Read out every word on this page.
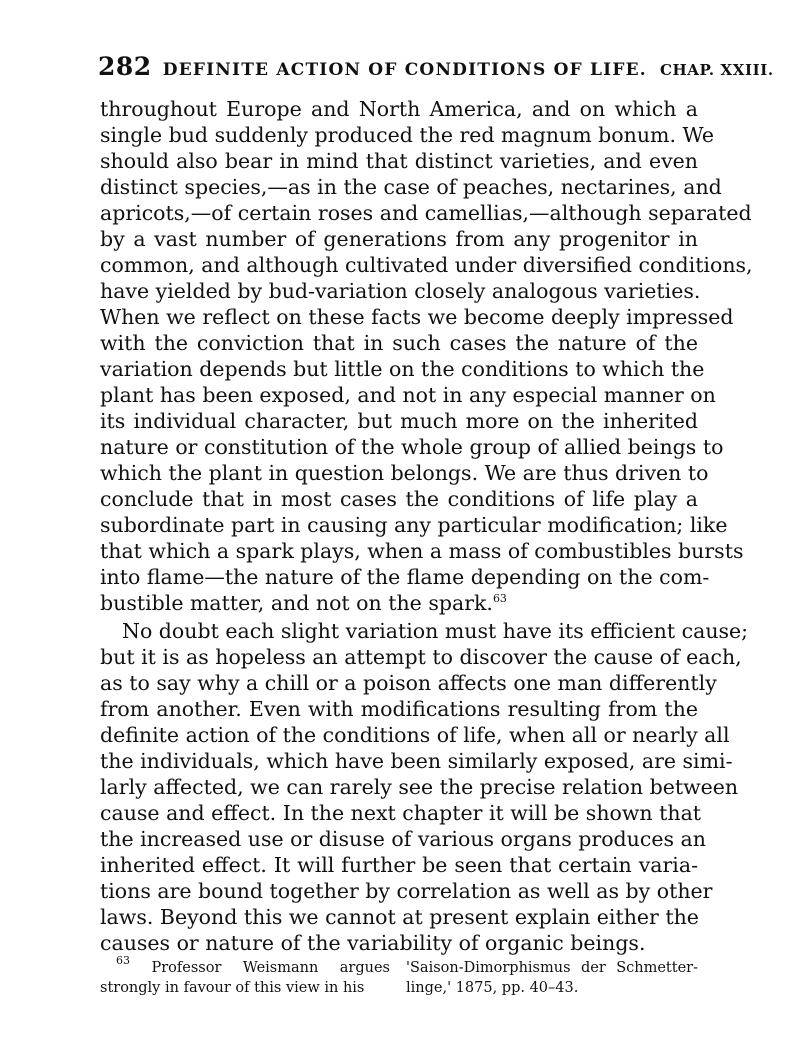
282 DEFINITE ACTION OF CONDITIONS OF LIFE. CHAP. XXIII.
throughout Europe and North America, and on which a
single bud suddenly produced the red magnum bonum. We
should also bear in mind that distinct varieties, and even
distinct species,—as in the case of peaches, nectarines, and
apricots,—of certain roses and camellias,—although separated
by a vast number of generations from any progenitor in
common, and although cultivated under diversified conditions,
have yielded by bud-variation closely analogous varieties.
When we reflect on these facts we become deeply impressed
with the conviction that in such cases the nature of the
variation depends but little on the conditions to which the
plant has been exposed, and not in any especial manner on
its individual character, but much more on the inherited
nature or constitution of the whole group of allied beings to
which the plant in question belongs. We are thus driven to
conclude that in most cases the conditions of life play a
subordinate part in causing any particular modification; like
that which a spark plays, when a mass of combustibles bursts
into flame—the nature of the flame depending on the com-
bustible matter, and not on the spark.$^{63}$
No doubt each slight variation must have its efficient cause;
but it is as hopeless an attempt to discover the cause of each,
as to say why a chill or a poison affects one man differently
from another. Even with modifications resulting from the
definite action of the conditions of life, when all or nearly all
the individuals, which have been similarly exposed, are simi-
larly affected, we can rarely see the precise relation between
cause and effect. In the next chapter it will be shown that
the increased use or disuse of various organs produces an
inherited effect. It will further be seen that certain varia-
tions are bound together by correlation as well as by other
laws. Beyond this we cannot at present explain either the
causes or nature of the variability of organic beings.
$^{63}$ Professor Weismann argues
strongly in favour of this view in his
'Saison-Dimorphismus der Schmetter-
linge,' 1875, pp. 40–43.
